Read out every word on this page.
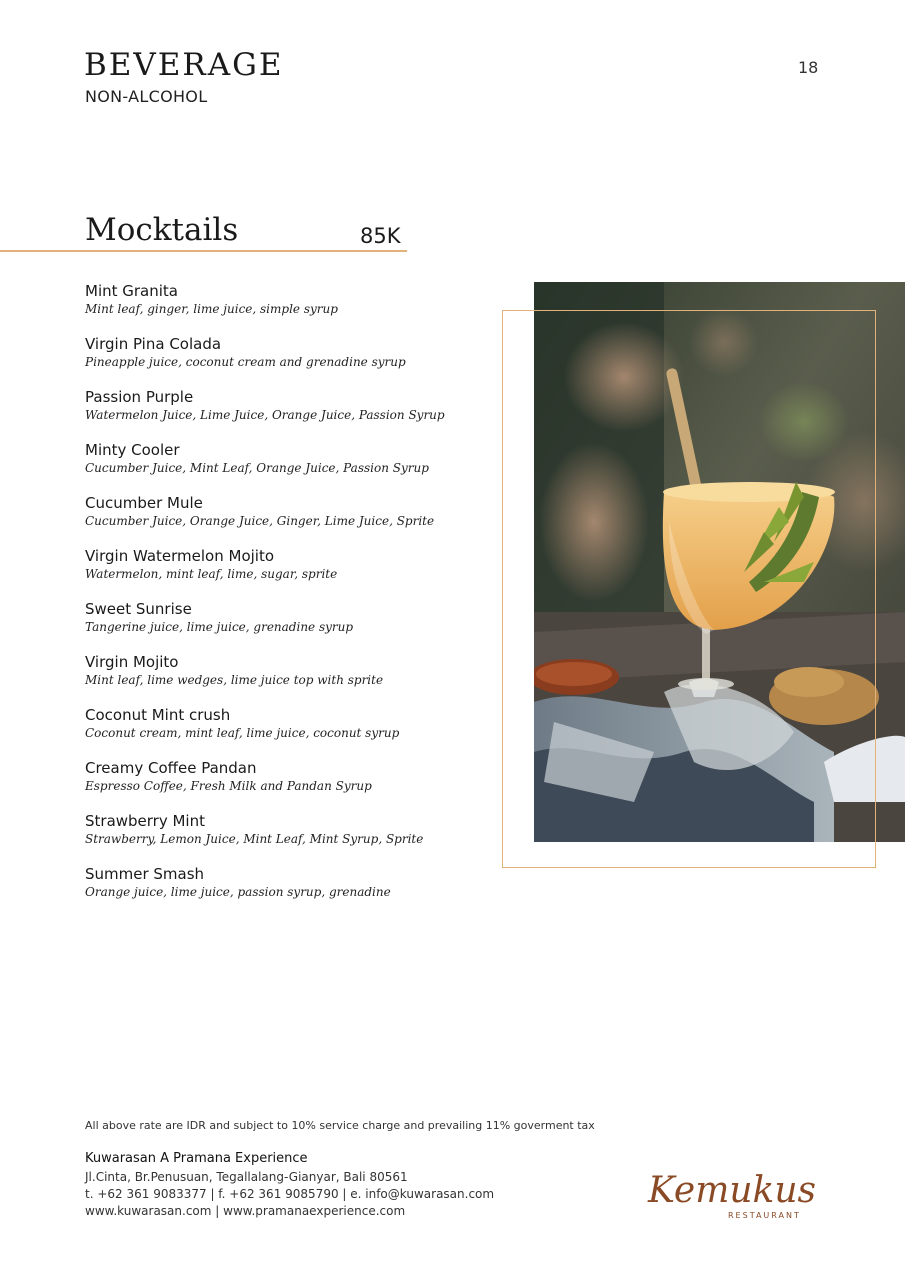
BEVERAGE
NON-ALCOHOL
18
Mocktails	85K
Mint Granita
Mint leaf, ginger, lime juice, simple syrup
Virgin Pina Colada
Pineapple juice, coconut cream and grenadine syrup
Passion Purple
Watermelon Juice, Lime Juice, Orange Juice, Passion Syrup
Minty Cooler
Cucumber Juice, Mint Leaf, Orange Juice, Passion Syrup
Cucumber Mule
Cucumber Juice, Orange Juice, Ginger, Lime Juice, Sprite
Virgin Watermelon Mojito
Watermelon, mint leaf, lime, sugar, sprite
Sweet Sunrise
Tangerine juice, lime juice, grenadine syrup
Virgin Mojito
Mint leaf, lime wedges, lime juice top with sprite
Coconut Mint crush
Coconut cream, mint leaf, lime juice, coconut syrup
Creamy Coffee Pandan
Espresso Coffee, Fresh Milk and Pandan Syrup
Strawberry Mint
Strawberry, Lemon Juice, Mint Leaf, Mint Syrup, Sprite
Summer Smash
Orange juice, lime juice, passion syrup, grenadine
All above rate are IDR and subject to 10% service charge and prevailing 11% goverment tax
Kuwarasan A Pramana Experience
Jl.Cinta, Br.Penusuan, Tegallalang-Gianyar, Bali 80561
t. +62 361 9083377 | f. +62 361 9085790 | e. info@kuwarasan.com
www.kuwarasan.com | www.pramanaexperience.com	Kemukus
RESTAURANT
